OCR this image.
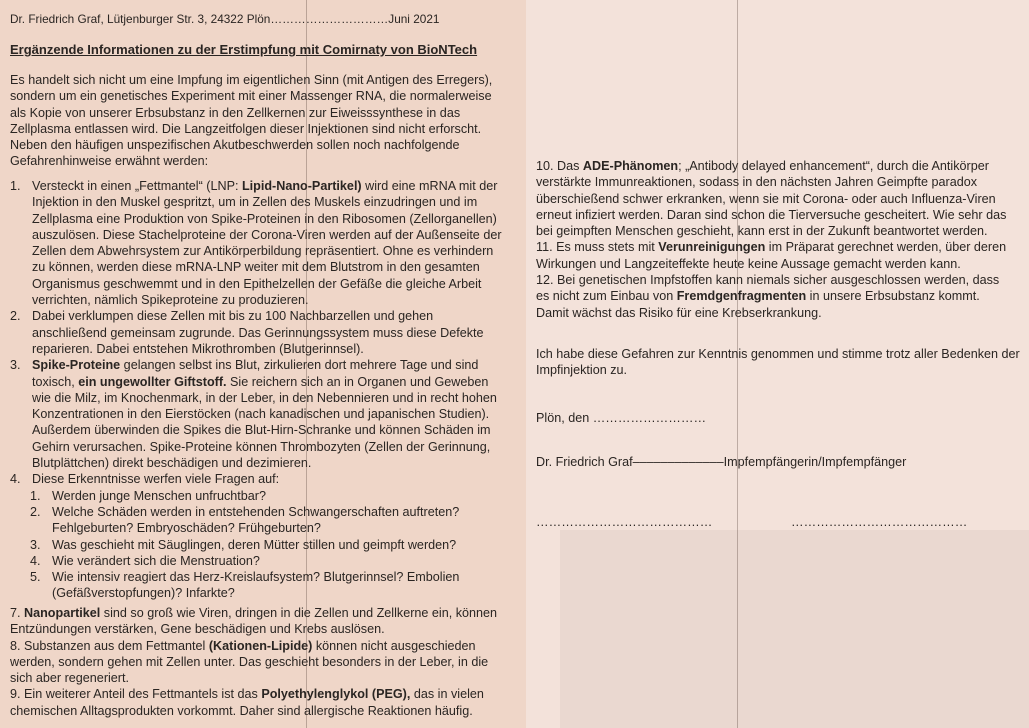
Dr. Friedrich Graf, Lütjenburger Str. 3, 24322 Plön…………………………Juni 2021
Ergänzende Informationen zu der Erstimpfung mit Comirnaty von BioNTech

Es handelt sich nicht um eine Impfung im eigentlichen Sinn (mit Antigen des Erregers), sondern um ein genetisches Experiment mit einer Massenger RNA, die normalerweise als Kopie von unserer Erbsubstanz in den Zellkernen zur Eiweisssynthese in das Zellplasma entlassen wird. Die Langzeitfolgen dieser Injektionen sind nicht erforscht. Neben den häufigen unspezifischen Akutbeschwerden sollen noch nachfolgende Gefahrenhinweise erwähnt werden:

1. Versteckt in einen „Fettmantel“ (LNP: Lipid-Nano-Partikel) wird eine mRNA mit der Injektion in den Muskel gespritzt, um in Zellen des Muskels einzudringen und im Zellplasma eine Produktion von Spike-Proteinen in den Ribosomen (Zellorganellen) auszulösen. Diese Stachelproteine der Corona-Viren werden auf der Außenseite der Zellen dem Abwehrsystem zur Antikörperbildung repräsentiert. Ohne es verhindern zu können, werden diese mRNA-LNP weiter mit dem Blutstrom in den gesamten Organismus geschwemmt und in den Epithelzellen der Gefäße die gleiche Arbeit verrichten, nämlich Spikeproteine zu produzieren.
2. Dabei verklumpen diese Zellen mit bis zu 100 Nachbarzellen und gehen anschließend gemeinsam zugrunde. Das Gerinnungssystem muss diese Defekte reparieren. Dabei entstehen Mikrothromben (Blutgerinnsel).
3. Spike-Proteine gelangen selbst ins Blut, zirkulieren dort mehrere Tage und sind toxisch, ein ungewollter Giftstoff. Sie reichern sich an in Organen und Geweben wie die Milz, im Knochenmark, in der Leber, in den Nebennieren und in recht hohen Konzentrationen in den Eierstöcken (nach kanadischen und japanischen Studien). Außerdem überwinden die Spikes die Blut-Hirn-Schranke und können Schäden im Gehirn verursachen. Spike-Proteine können Thrombozyten (Zellen der Gerinnung, Blutplättchen) direkt beschädigen und dezimieren.
4. Diese Erkenntnisse werfen viele Fragen auf:
1. Werden junge Menschen unfruchtbar?
2. Welche Schäden werden in entstehenden Schwangerschaften auftreten? Fehlgeburten? Embryoschäden? Frühgeburten?
3. Was geschieht mit Säuglingen, deren Mütter stillen und geimpft werden?
4. Wie verändert sich die Menstruation?
5. Wie intensiv reagiert das Herz-Kreislaufsystem? Blutgerinnsel? Embolien (Gefäßverstopfungen)? Infarkte?
7. Nanopartikel sind so groß wie Viren, dringen in die Zellen und Zellkerne ein, können Entzündungen verstärken, Gene beschädigen und Krebs auslösen.
8. Substanzen aus dem Fettmantel (Kationen-Lipide) können nicht ausgeschieden werden, sondern gehen mit Zellen unter. Das geschieht besonders in der Leber, in die sich aber regeneriert.
9. Ein weiterer Anteil des Fettmantels ist das Polyethylenglykol (PEG), das in vielen chemischen Alltagsprodukten vorkommt. Daher sind allergische Reaktionen häufig.
10. Das ADE-Phänomen; „Antibody delayed enhancement“, durch die Antikörper verstärkte Immunreaktionen, sodass in den nächsten Jahren Geimpfte paradox überschießend schwer erkranken, wenn sie mit Corona- oder auch Influenza-Viren erneut infiziert werden. Daran sind schon die Tierversuche gescheitert. Wie sehr das bei geimpften Menschen geschieht, kann erst in der Zukunft beantwortet werden.
11. Es muss stets mit Verunreinigungen im Präparat gerechnet werden, über deren Wirkungen und Langzeiteffekte heute keine Aussage gemacht werden kann.
12. Bei genetischen Impfstoffen kann niemals sicher ausgeschlossen werden, dass es nicht zum Einbau von Fremdgenfragmenten in unsere Erbsubstanz kommt. Damit wächst das Risiko für eine Krebserkrankung.

Ich habe diese Gefahren zur Kenntnis genommen und stimme trotz aller Bedenken der Impfinjektion zu.

Plön, den ………………………
Dr. Friedrich Graf–––––––––––––Impfempfängerin/Impfempfänger
……………………………………	……………………………………
